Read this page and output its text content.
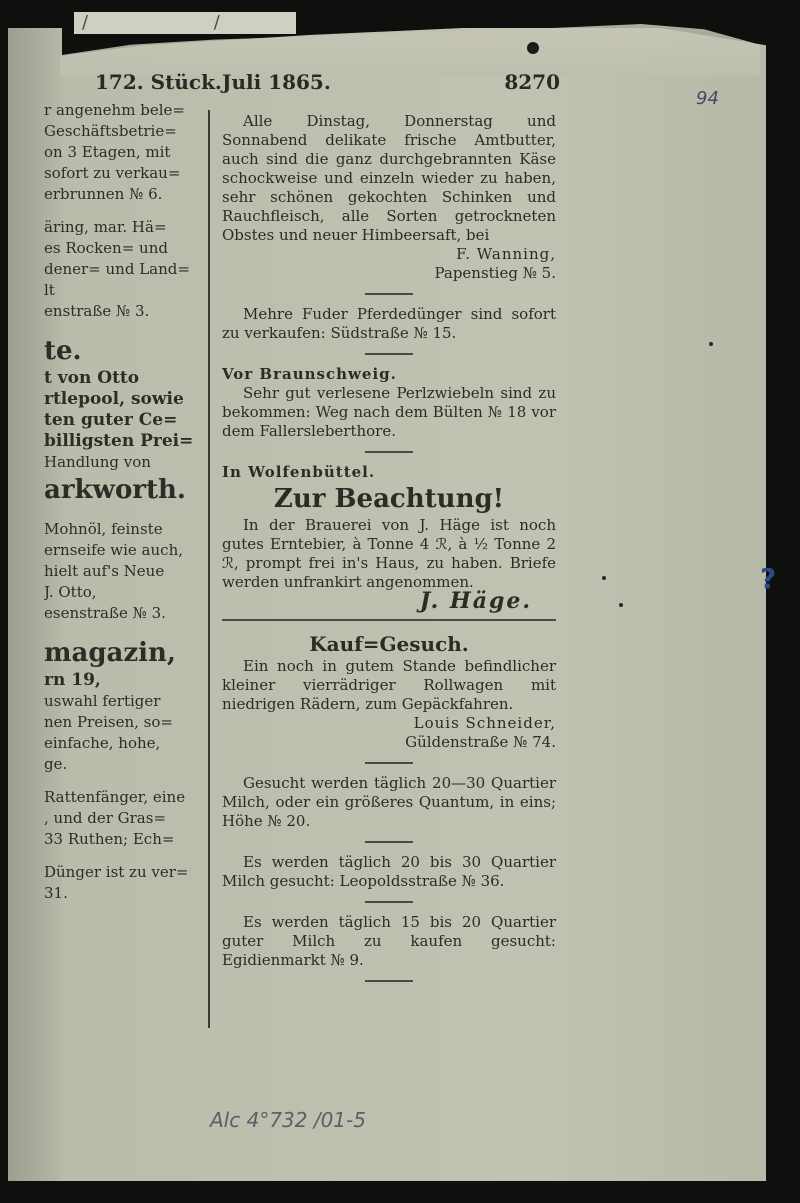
/ /
172. Stück. Juli 1865.	8270
94
r angenehm bele=
Geschäftsbetrie=
on 3 Etagen, mit
sofort zu verkau=
erbrunnen № 6.
äring, mar. Hä=
es Rocken= und
dener= und Land=
lt
enstraße № 3.
te.
t von Otto
rtlepool, sowie
ten guter Ce=
billigsten Prei=
Handlung von
arkworth.
Mohnöl, feinste
ernseife wie auch,
hielt auf's Neue
J. Otto,
esenstraße № 3.
magazin,
rn 19,
uswahl fertiger
nen Preisen, so=
einfache, hohe,
ge.
Rattenfänger, eine
, und der Gras=
33 Ruthen; Ech=
Dünger ist zu ver=
31.
Alle Dinstag, Donnerstag und Sonnabend delikate frische Amtbutter, auch sind die ganz durchgebrannten Käse schockweise und einzeln wieder zu haben, sehr schönen gekochten Schinken und Rauchfleisch, alle Sorten getrockneten Obstes und neuer Himbeersaft, bei
F. Wanning,
Papenstieg № 5.
Mehre Fuder Pferdedünger sind sofort zu verkaufen: Südstraße № 15.
Vor Braunschweig.
Sehr gut verlesene Perlzwiebeln sind zu bekommen: Weg nach dem Bülten № 18 vor dem Fallersleberthore.
In Wolfenbüttel.
Zur Beachtung!
In der Brauerei von J. Häge ist noch gutes Erntebier, à Tonne 4 ℛ, à ½ Tonne 2 ℛ, prompt frei in's Haus, zu haben. Briefe werden unfrankirt angenommen.
J. Häge.
Kauf=Gesuch.
Ein noch in gutem Stande befindlicher kleiner vierrädriger Rollwagen mit niedrigen Rädern, zum Gepäckfahren.
Louis Schneider,
Güldenstraße № 74.
Gesucht werden täglich 20—30 Quartier Milch, oder ein größeres Quantum, in eins; Höhe № 20.
Es werden täglich 20 bis 30 Quartier Milch gesucht: Leopoldsstraße № 36.
Es werden täglich 15 bis 20 Quartier guter Milch zu kaufen gesucht: Egidienmarkt № 9.
?
Alc 4°732 /01-5
